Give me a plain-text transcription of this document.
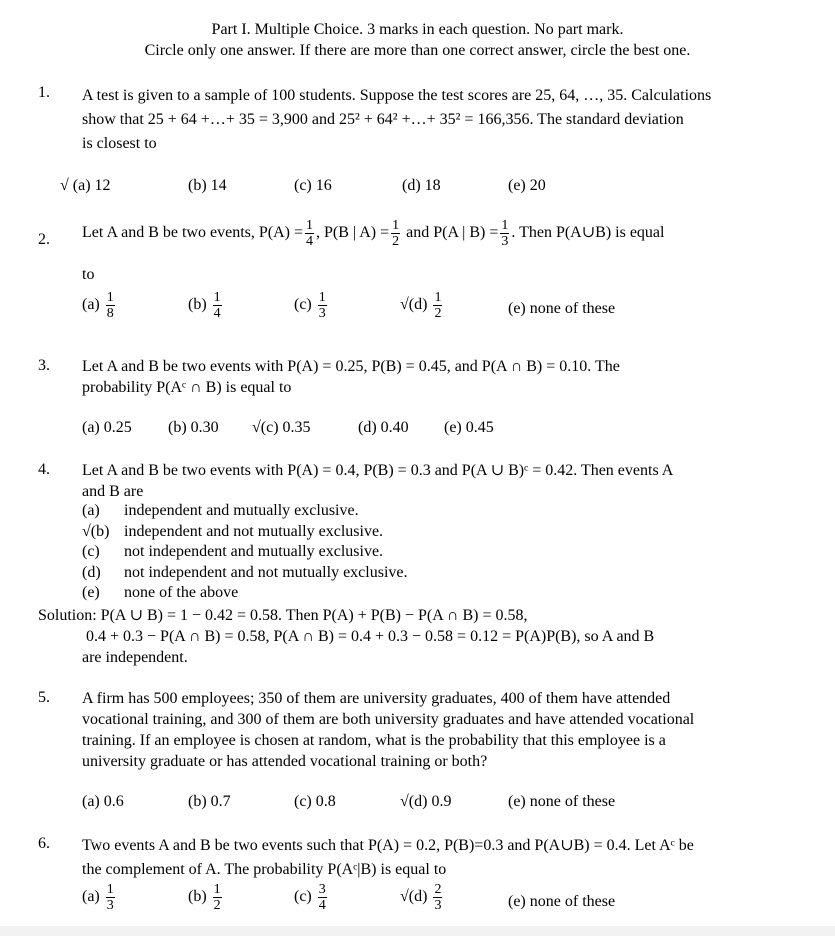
Part I. Multiple Choice. 3 marks in each question. No part mark.
Circle only one answer. If there are more than one correct answer, circle the best one.
1. A test is given to a sample of 100 students. Suppose the test scores are 25, 64, …, 35. Calculations
show that 25 + 64 +…+ 35 = 3,900 and 25² + 64² +…+ 35² = 166,356. The standard deviation
is closest to
√ (a) 12	(b) 14	(c) 16	(d) 18	(e) 20
2. Let A and B be two events, $P(A) = \frac{1}{4}$ , P(B | $A) = \frac{1}{2}$ and P(A | $B) = \frac{1}{3}$ . Then P(A∪B) is equal
to
$(a) \frac{1}{8}$	$(b) \frac{1}{4}$	$(c) \frac{1}{3}$	$√(d) \frac{1}{2}$	(e) none of these
3. Let A and B be two events with P(A) = 0.25, P(B) = 0.45, and P(A ∩ B) = 0.10. The
probability P(Aᶜ ∩ B) is equal to
(a) 0.25 (b) 0.30 √(c) 0.35	(d) 0.40 (e) 0.45
4. Let A and B be two events with P(A) = 0.4, P(B) = 0.3 and P(A ∪ B)ᶜ = 0.42. Then events A
and B are
(a) independent and mutually exclusive.
√(b) independent and not mutually exclusive.
(c) not independent and mutually exclusive.
(d) not independent and not mutually exclusive.
(e) none of the above
Solution: P(A ∪ B) = 1 − 0.42 = 0.58. Then P(A) + P(B) − P(A ∩ B) = 0.58,
0.4 + 0.3 − P(A ∩ B) = 0.58, P(A ∩ B) = 0.4 + 0.3 − 0.58 = 0.12 = P(A)P(B), so A and B
are independent.
5. A firm has 500 employees; 350 of them are university graduates, 400 of them have attended
vocational training, and 300 of them are both university graduates and have attended vocational
training. If an employee is chosen at random, what is the probability that this employee is a
university graduate or has attended vocational training or both?
(a) 0.6	(b) 0.7	(c) 0.8	√(d) 0.9	(e) none of these
6. Two events A and B be two events such that P(A) = 0.2, P(B)=0.3 and P(A∪B) = 0.4. Let Aᶜ be
the complement of A. The probability P(Aᶜ|B) is equal to
$(a) \frac{1}{3}$	$(b) \frac{1}{2}$	$(c) \frac{3}{4}$	$√(d) \frac{2}{3}$	(e) none of these
